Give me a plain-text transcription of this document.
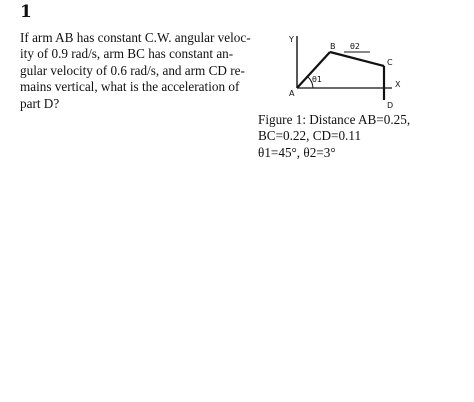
1
If arm AB has constant C.W. angular veloc-
ity of 0.9 rad/s, arm BC has constant an-
gular velocity of 0.6 rad/s, and arm CD re-
mains vertical, what is the acceleration of
part D?
Y
X
A
B
C
D
θ1
θ2
Figure 1: Distance AB=0.25,
BC=0.22, CD=0.11
θ1=45°, θ2=3°
